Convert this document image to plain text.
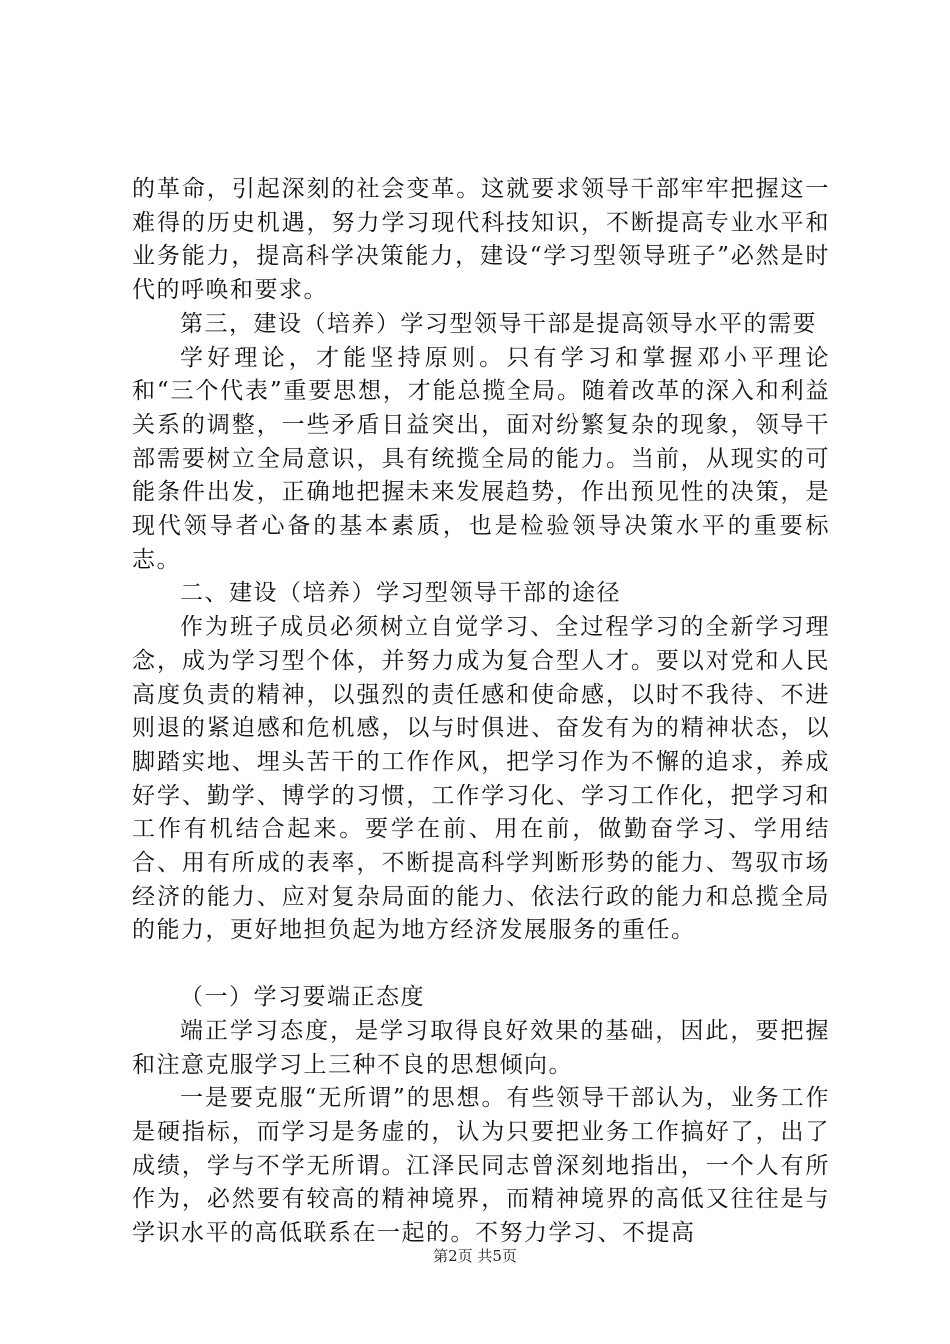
的革命，引起深刻的社会变革。这就要求领导干部牢牢把握这一难得的历史机遇，努力学习现代科技知识，不断提高专业水平和业务能力，提高科学决策能力，建设“学习型领导班子”必然是时代的呼唤和要求。

第三，建设（培养）学习型领导干部是提高领导水平的需要

学好理论，才能坚持原则。只有学习和掌握邓小平理论和“三个代表”重要思想，才能总揽全局。随着改革的深入和利益关系的调整，一些矛盾日益突出，面对纷繁复杂的现象，领导干部需要树立全局意识，具有统揽全局的能力。当前，从现实的可能条件出发，正确地把握未来发展趋势，作出预见性的决策，是现代领导者心备的基本素质，也是检验领导决策水平的重要标志。

二、建设（培养）学习型领导干部的途径

作为班子成员必须树立自觉学习、全过程学习的全新学习理念，成为学习型个体，并努力成为复合型人才。要以对党和人民高度负责的精神，以强烈的责任感和使命感，以时不我待、不进则退的紧迫感和危机感，以与时俱进、奋发有为的精神状态，以脚踏实地、埋头苦干的工作作风，把学习作为不懈的追求，养成好学、勤学、博学的习惯，工作学习化、学习工作化，把学习和工作有机结合起来。要学在前、用在前，做勤奋学习、学用结合、用有所成的表率，不断提高科学判断形势的能力、驾驭市场经济的能力、应对复杂局面的能力、依法行政的能力和总揽全局的能力，更好地担负起为地方经济发展服务的重任。

（一）学习要端正态度

端正学习态度，是学习取得良好效果的基础，因此，要把握和注意克服学习上三种不良的思想倾向。

一是要克服“无所谓”的思想。有些领导干部认为，业务工作是硬指标，而学习是务虚的，认为只要把业务工作搞好了，出了成绩，学与不学无所谓。江泽民同志曾深刻地指出，一个人有所作为，必然要有较高的精神境界，而精神境界的高低又往往是与学识水平的高低联系在一起的。不努力学习、不提高

第2页 共5页
